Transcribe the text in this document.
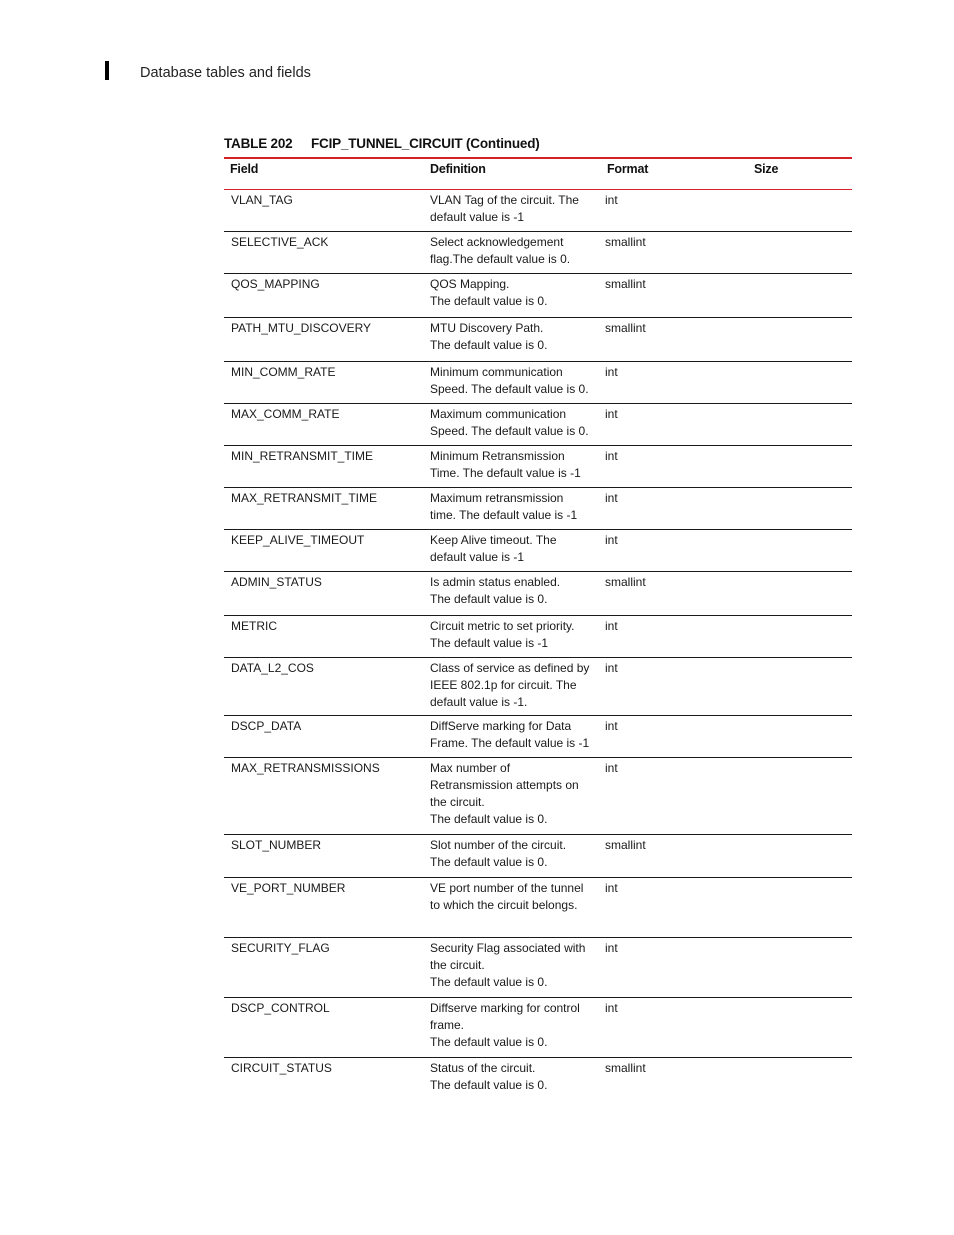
Database tables and fields
TABLE 202 FCIP_TUNNEL_CIRCUIT (Continued)
Field	Definition	Format	Size
VLAN_TAG	VLAN Tag of the circuit. The
default value is -1	int	
SELECTIVE_ACK	Select acknowledgement
flag.The default value is 0.	smallint	
QOS_MAPPING	QOS Mapping.
The default value is 0.	smallint	
PATH_MTU_DISCOVERY	MTU Discovery Path.
The default value is 0.	smallint	
MIN_COMM_RATE	Minimum communication
Speed. The default value is 0.	int	
MAX_COMM_RATE	Maximum communication
Speed. The default value is 0.	int	
MIN_RETRANSMIT_TIME	Minimum Retransmission
Time. The default value is -1	int	
MAX_RETRANSMIT_TIME	Maximum retransmission
time. The default value is -1	int	
KEEP_ALIVE_TIMEOUT	Keep Alive timeout. The
default value is -1	int	
ADMIN_STATUS	Is admin status enabled.
The default value is 0.	smallint	
METRIC	Circuit metric to set priority.
The default value is -1	int	
DATA_L2_COS	Class of service as defined by
IEEE 802.1p for circuit. The
default value is -1.	int	
DSCP_DATA	DiffServe marking for Data
Frame. The default value is -1	int	
MAX_RETRANSMISSIONS	Max number of
Retransmission attempts on
the circuit.
The default value is 0.	int	
SLOT_NUMBER	Slot number of the circuit.
The default value is 0.	smallint	
VE_PORT_NUMBER	VE port number of the tunnel
to which the circuit belongs.	int	
SECURITY_FLAG	Security Flag associated with
the circuit.
The default value is 0.	int	
DSCP_CONTROL	Diffserve marking for control
frame.
The default value is 0.	int	
CIRCUIT_STATUS	Status of the circuit.
The default value is 0.	smallint	
